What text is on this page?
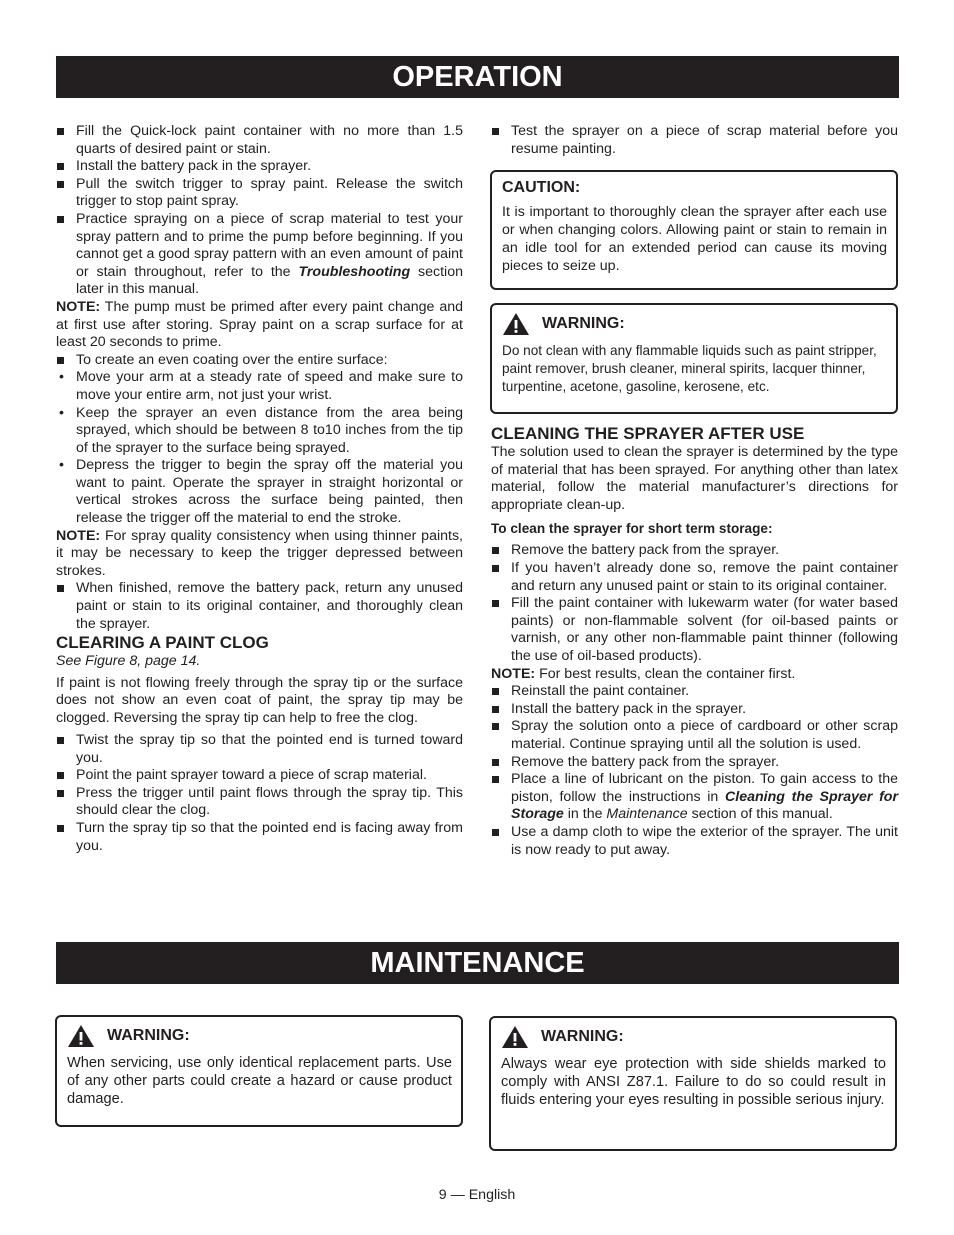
OPERATION

Fill the Quick-lock paint container with no more than 1.5 quarts of desired paint or stain.

Install the battery pack in the sprayer.

Pull the switch trigger to spray paint. Release the switch trigger to stop paint spray.

Practice spraying on a piece of scrap material to test your spray pattern and to prime the pump before beginning. If you cannot get a good spray pattern with an even amount of paint or stain throughout, refer to the Troubleshooting section later in this manual.

NOTE: The pump must be primed after every paint change and at first use after storing. Spray paint on a scrap surface for at least 20 seconds to prime.

To create an even coating over the entire surface:

• Move your arm at a steady rate of speed and make sure to move your entire arm, not just your wrist.

• Keep the sprayer an even distance from the area being sprayed, which should be between 8 to10 inches from the tip of the sprayer to the surface being sprayed.

• Depress the trigger to begin the spray off the material you want to paint. Operate the sprayer in straight horizontal or vertical strokes across the surface being painted, then release the trigger off the material to end the stroke.

NOTE: For spray quality consistency when using thinner paints, it may be necessary to keep the trigger depressed between strokes.

When finished, remove the battery pack, return any unused paint or stain to its original container, and thoroughly clean the sprayer.

CLEARING A PAINT CLOG

See Figure 8, page 14.

If paint is not flowing freely through the spray tip or the surface does not show an even coat of paint, the spray tip may be clogged. Reversing the spray tip can help to free the clog.

Twist the spray tip so that the pointed end is turned toward you.

Point the paint sprayer toward a piece of scrap material.

Press the trigger until paint flows through the spray tip. This should clear the clog.

Turn the spray tip so that the pointed end is facing away from you.

Test the sprayer on a piece of scrap material before you resume painting.

CAUTION:
It is important to thoroughly clean the sprayer after each use or when changing colors. Allowing paint or stain to remain in an idle tool for an extended period can cause its moving pieces to seize up.
WARNING:
Do not clean with any flammable liquids such as paint stripper, paint remover, brush cleaner, mineral spirits, lacquer thinner, turpentine, acetone, gasoline, kerosene, etc.

CLEANING THE SPRAYER AFTER USE

The solution used to clean the sprayer is determined by the type of material that has been sprayed. For anything other than latex material, follow the material manufacturer’s directions for appropriate clean-up.

To clean the sprayer for short term storage:

Remove the battery pack from the sprayer.

If you haven’t already done so, remove the paint container and return any unused paint or stain to its original container.

Fill the paint container with lukewarm water (for water based paints) or non-flammable solvent (for oil-based paints or varnish, or any other non-flammable paint thinner (following the use of oil-based products).

NOTE: For best results, clean the container first.

Reinstall the paint container.

Install the battery pack in the sprayer.

Spray the solution onto a piece of cardboard or other scrap material. Continue spraying until all the solution is used.

Remove the battery pack from the sprayer.

Place a line of lubricant on the piston. To gain access to the piston, follow the instructions in Cleaning the Sprayer for Storage in the Maintenance section of this manual.

Use a damp cloth to wipe the exterior of the sprayer. The unit is now ready to put away.

MAINTENANCE
WARNING:
When servicing, use only identical replacement parts. Use of any other parts could create a hazard or cause product damage.
WARNING:
Always wear eye protection with side shields marked to comply with ANSI Z87.1. Failure to do so could result in fluids entering your eyes resulting in possible serious injury.
9 — English
